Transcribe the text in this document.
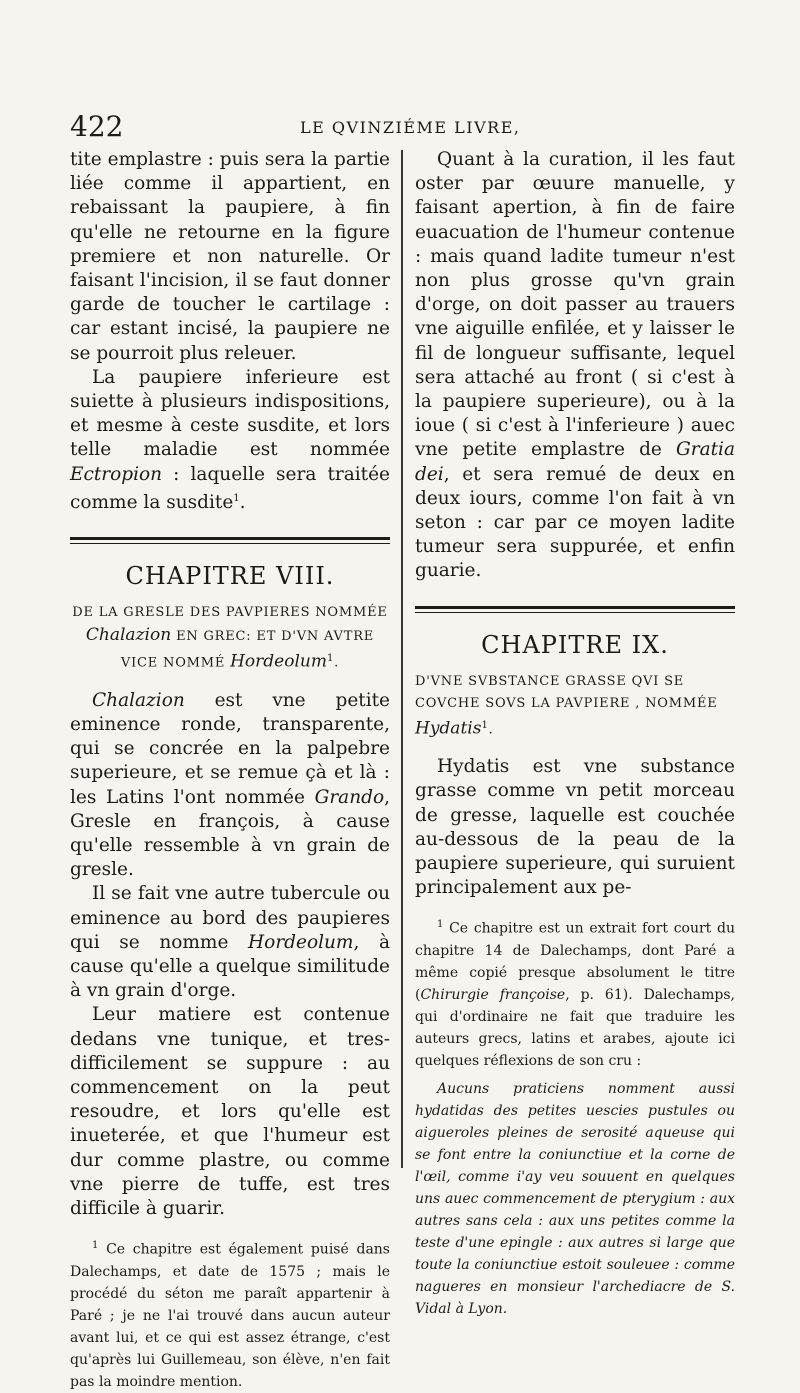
422	LE QVINZIÉME LIVRE,

tite emplastre : puis sera la partie liée comme il appartient, en rebaissant la paupiere, à fin qu'elle ne retourne en la figure premiere et non naturelle. Or faisant l'incision, il se faut donner garde de toucher le cartilage : car estant incisé, la paupiere ne se pourroit plus releuer.

La paupiere inferieure est suiette à plusieurs indispositions, et mesme à ceste susdite, et lors telle maladie est nommée Ectropion : laquelle sera traitée comme la susdite$^1$.

CHAPITRE VIII.
DE LA GRESLE DES PAVPIERES NOMMÉE
Chalazion EN GREC: ET D'VN AVTRE VICE NOMMÉ Hordeolum$^1$.

Chalazion est vne petite eminence ronde, transparente, qui se concrée en la palpebre superieure, et se remue çà et là : les Latins l'ont nommée Grando, Gresle en françois, à cause qu'elle ressemble à vn grain de gresle.

Il se fait vne autre tubercule ou eminence au bord des paupieres qui se nomme Hordeolum, à cause qu'elle a quelque similitude à vn grain d'orge.

Leur matiere est contenue dedans vne tunique, et tres-difficilement se suppure : au commencement on la peut resoudre, et lors qu'elle est inueterée, et que l'humeur est dur comme plastre, ou comme vne pierre de tuffe, est tres difficile à guarir.

$^1$ Ce chapitre est également puisé dans Dalechamps, et date de 1575 ; mais le procédé du séton me paraît appartenir à Paré ; je ne l'ai trouvé dans aucun auteur avant lui, et ce qui est assez étrange, c'est qu'après lui Guillemeau, son élève, n'en fait pas la moindre mention.

Quant à la curation, il les faut oster par œuure manuelle, y faisant apertion, à fin de faire euacuation de l'humeur contenue : mais quand ladite tumeur n'est non plus grosse qu'vn grain d'orge, on doit passer au trauers vne aiguille enfilée, et y laisser le fil de longueur suffisante, lequel sera attaché au front ( si c'est à la paupiere superieure), ou à la ioue ( si c'est à l'inferieure ) auec vne petite emplastre de Gratia dei, et sera remué de deux en deux iours, comme l'on fait à vn seton : car par ce moyen ladite tumeur sera suppurée, et enfin guarie.

CHAPITRE IX.
D'VNE SVBSTANCE GRASSE QVI SE COVCHE SOVS LA PAVPIERE , NOMMÉE
Hydatis$^1$.

Hydatis est vne substance grasse comme vn petit morceau de gresse, laquelle est couchée au-dessous de la peau de la paupiere superieure, qui suruient principalement aux pe-

$^1$ Ce chapitre est un extrait fort court du chapitre 14 de Dalechamps, dont Paré a même copié presque absolument le titre (Chirurgie françoise, p. 61). Dalechamps, qui d'ordinaire ne fait que traduire les auteurs grecs, latins et arabes, ajoute ici quelques réflexions de son cru :

Aucuns praticiens nomment aussi hydatidas des petites uescies pustules ou aigueroles pleines de serosité aqueuse qui se font entre la coniunctiue et la corne de l'œil, comme i'ay veu souuent en quelques uns auec commencement de pterygium : aux autres sans cela : aux uns petites comme la teste d'une epingle : aux autres si large que toute la coniunctiue estoit souleuee : comme nagueres en monsieur l'archediacre de S. Vidal à Lyon.
